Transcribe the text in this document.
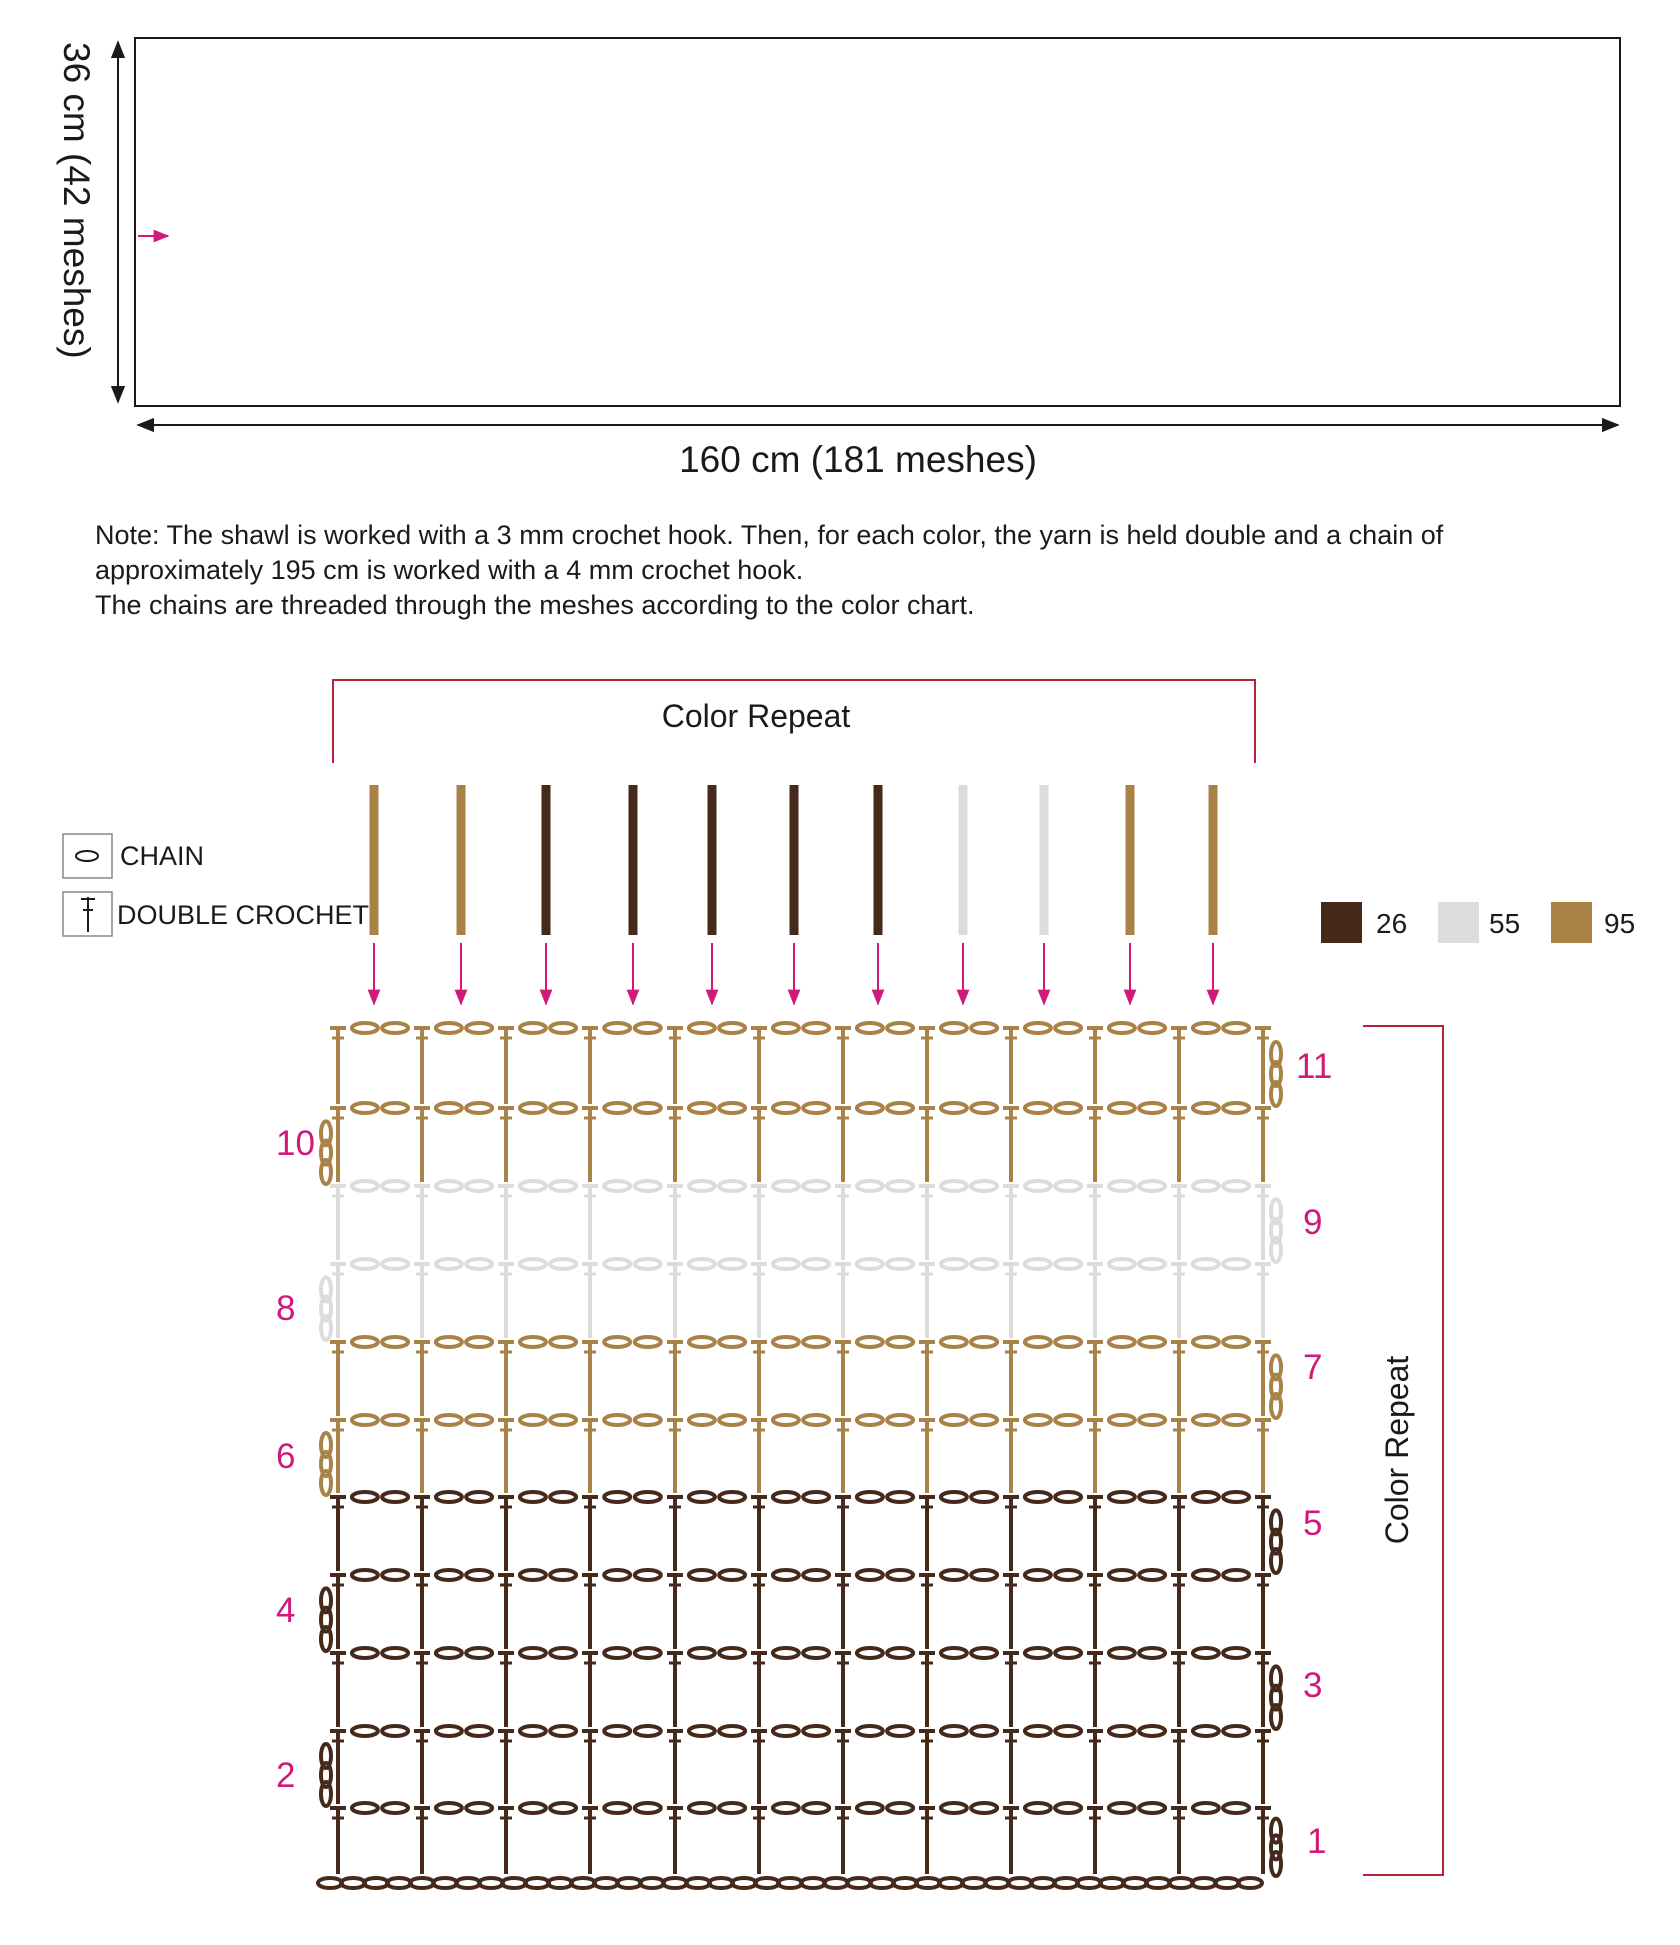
36 cm (42 meshes)
160 cm (181 meshes)
CHAIN
DOUBLE CROCHET	26	55	95
Color Repeat
Color Repeat
1
3
5
7
9
11
2
4
6
8
10

Note: The shawl is worked with a 3 mm crochet hook. Then, for each color, the yarn is held double and a chain of

approximately 195 cm is worked with a 4 mm crochet hook.

The chains are threaded through the meshes according to the color chart.
